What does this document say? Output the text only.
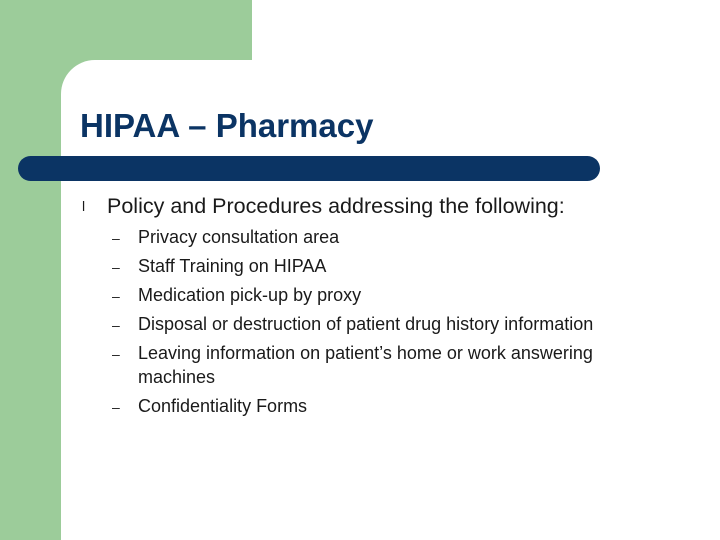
HIPAA – Pharmacy
l Policy and Procedures addressing the following:
–	Privacy consultation area
–	Staff Training on HIPAA
–	Medication pick-up by proxy
–	Disposal or destruction of patient drug history information
–	Leaving information on patient’s home or work answering machines
–	Confidentiality Forms
